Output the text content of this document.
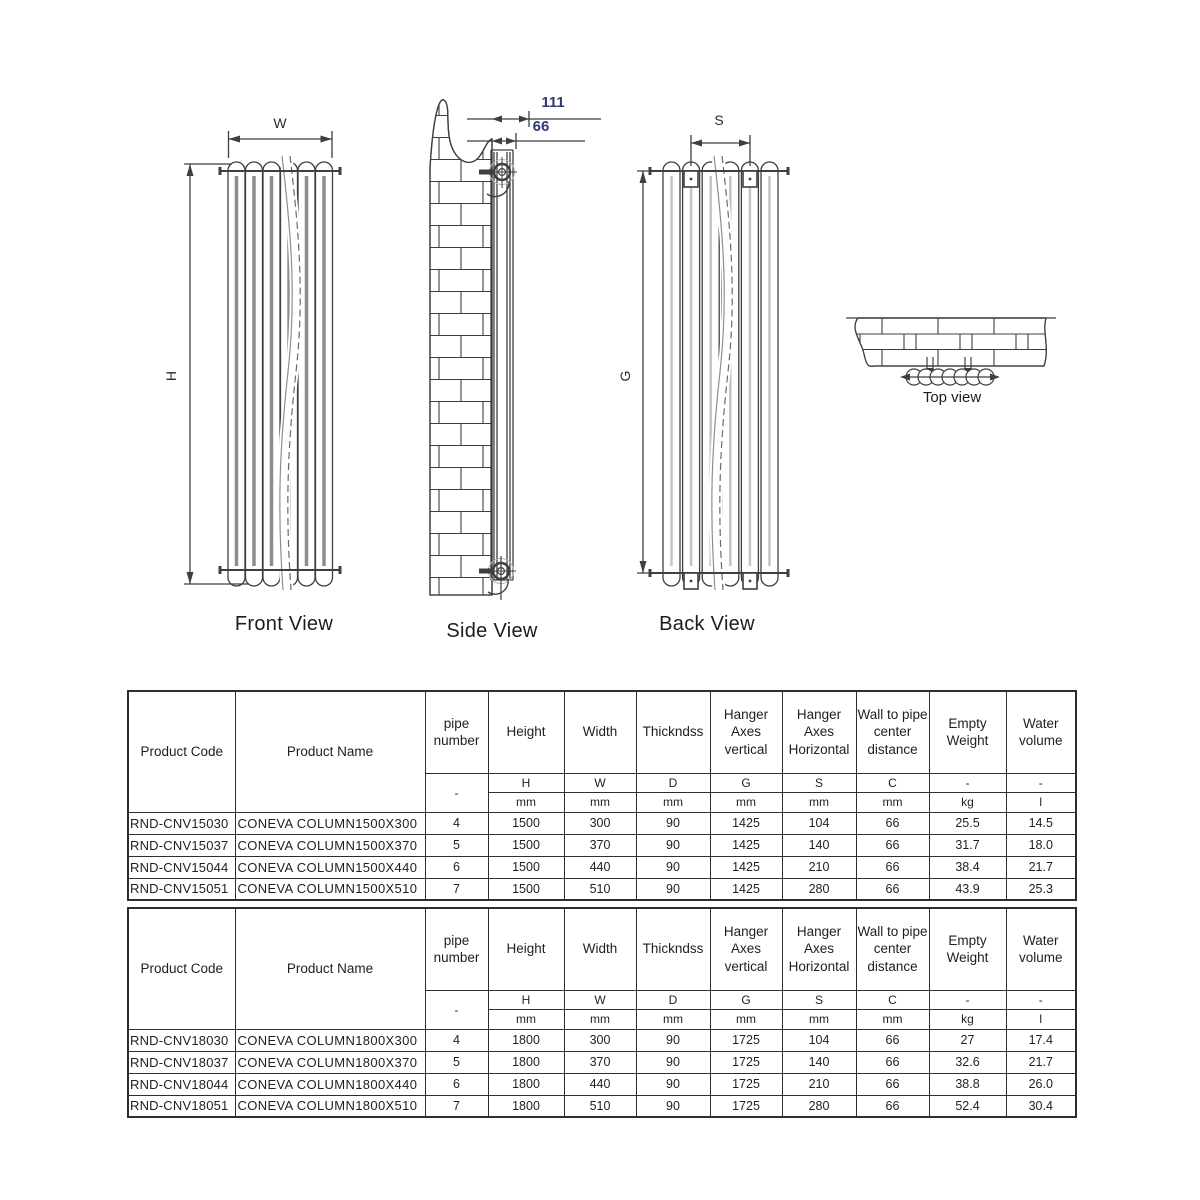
W
H
111
66	S
G
Top view
Front View	Side View	Back View
Product Code	Product Name	pipe number	Height	Width	Thickndss	Hanger Axes vertical	Hanger Axes Horizontal	Wall to pipe center distance	Empty Weight	Water volume
		-	H	W	D	G	S	C	-	-
			mm	mm	mm	mm	mm	mm	kg	l
RND-CNV15030	CONEVA COLUMN1500X300	4	1500	300	90	1425	104	66	25.5	14.5
RND-CNV15037	CONEVA COLUMN1500X370	5	1500	370	90	1425	140	66	31.7	18.0
RND-CNV15044	CONEVA COLUMN1500X440	6	1500	440	90	1425	210	66	38.4	21.7
RND-CNV15051	CONEVA COLUMN1500X510	7	1500	510	90	1425	280	66	43.9	25.3
Product Code	Product Name	pipe number	Height	Width	Thickndss	Hanger Axes vertical	Hanger Axes Horizontal	Wall to pipe center distance	Empty Weight	Water volume
		-	H	W	D	G	S	C	-	-
			mm	mm	mm	mm	mm	mm	kg	l
RND-CNV18030	CONEVA COLUMN1800X300	4	1800	300	90	1725	104	66	27	17.4
RND-CNV18037	CONEVA COLUMN1800X370	5	1800	370	90	1725	140	66	32.6	21.7
RND-CNV18044	CONEVA COLUMN1800X440	6	1800	440	90	1725	210	66	38.8	26.0
RND-CNV18051	CONEVA COLUMN1800X510	7	1800	510	90	1725	280	66	52.4	30.4
